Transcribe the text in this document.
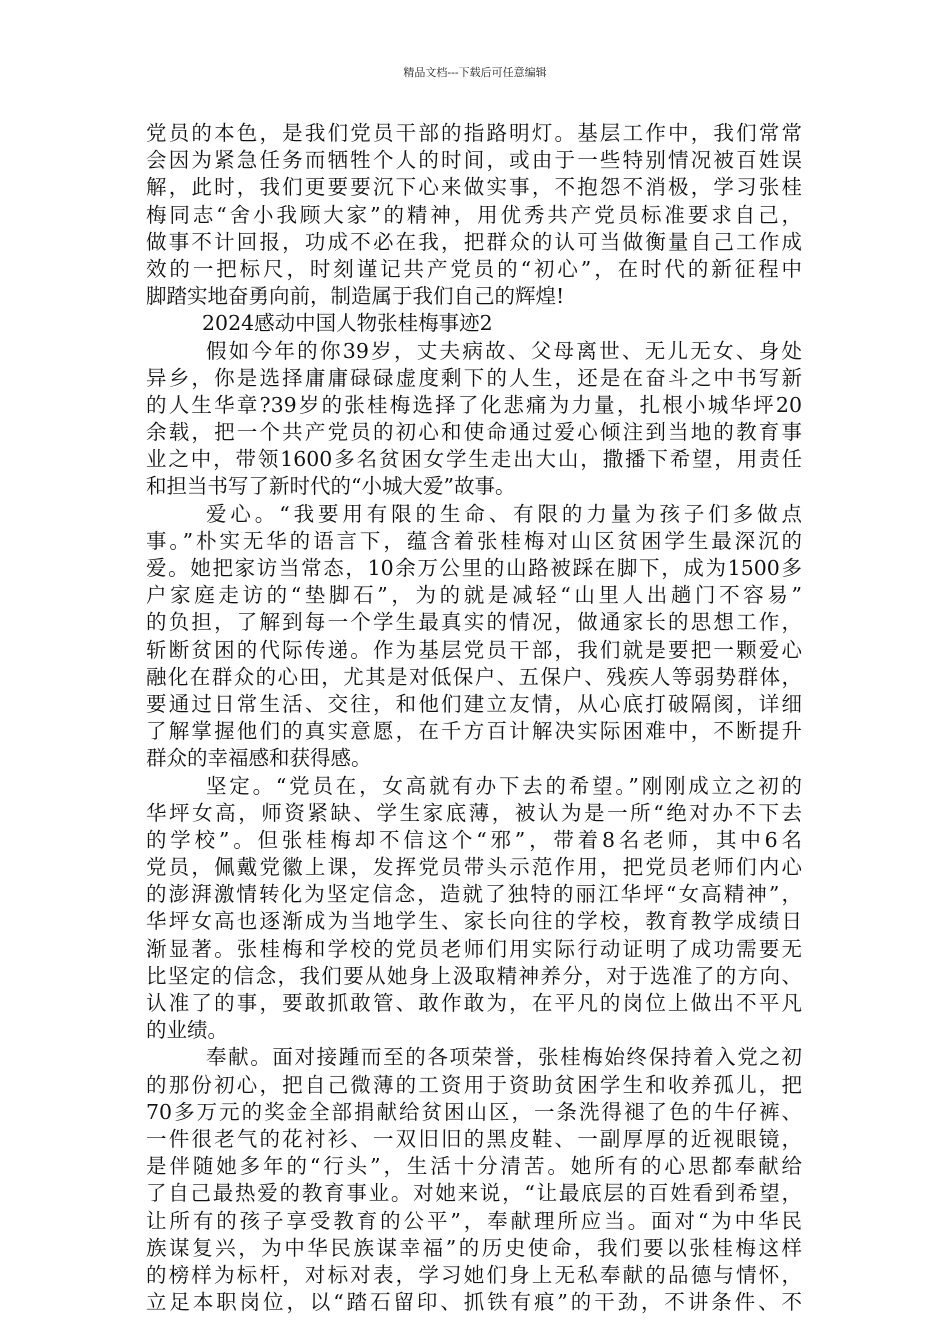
精品文档---下载后可任意编辑
党员的本色，是我们党员干部的指路明灯。基层工作中，我们常常
会因为紧急任务而牺牲个人的时间，或由于一些特别情况被百姓误
解，此时，我们更要要沉下心来做实事，不抱怨不消极，学习张桂
梅同志“舍小我顾大家”的精神，用优秀共产党员标准要求自己，
做事不计回报，功成不必在我，把群众的认可当做衡量自己工作成
效的一把标尺，时刻谨记共产党员的“初心”，在时代的新征程中
脚踏实地奋勇向前，制造属于我们自己的辉煌!
2024感动中国人物张桂梅事迹2
假如今年的你39岁，丈夫病故、父母离世、无儿无女、身处
异乡，你是选择庸庸碌碌虚度剩下的人生，还是在奋斗之中书写新
的人生华章?39岁的张桂梅选择了化悲痛为力量，扎根小城华坪20
余载，把一个共产党员的初心和使命通过爱心倾注到当地的教育事
业之中，带领1600多名贫困女学生走出大山，撒播下希望，用责任
和担当书写了新时代的“小城大爱”故事。
爱心。“我要用有限的生命、有限的力量为孩子们多做点
事。”朴实无华的语言下，蕴含着张桂梅对山区贫困学生最深沉的
爱。她把家访当常态，10余万公里的山路被踩在脚下，成为1500多
户家庭走访的“垫脚石”，为的就是减轻“山里人出趟门不容易”
的负担，了解到每一个学生最真实的情况，做通家长的思想工作，
斩断贫困的代际传递。作为基层党员干部，我们就是要把一颗爱心
融化在群众的心田，尤其是对低保户、五保户、残疾人等弱势群体，
要通过日常生活、交往，和他们建立友情，从心底打破隔阂，详细
了解掌握他们的真实意愿，在千方百计解决实际困难中，不断提升
群众的幸福感和获得感。
坚定。“党员在，女高就有办下去的希望。”刚刚成立之初的
华坪女高，师资紧缺、学生家底薄，被认为是一所“绝对办不下去
的学校”。但张桂梅却不信这个“邪”，带着8名老师，其中6名
党员，佩戴党徽上课，发挥党员带头示范作用，把党员老师们内心
的澎湃激情转化为坚定信念，造就了独特的丽江华坪“女高精神”，
华坪女高也逐渐成为当地学生、家长向往的学校，教育教学成绩日
渐显著。张桂梅和学校的党员老师们用实际行动证明了成功需要无
比坚定的信念，我们要从她身上汲取精神养分，对于选准了的方向、
认准了的事，要敢抓敢管、敢作敢为，在平凡的岗位上做出不平凡
的业绩。
奉献。面对接踵而至的各项荣誉，张桂梅始终保持着入党之初
的那份初心，把自己微薄的工资用于资助贫困学生和收养孤儿，把
70多万元的奖金全部捐献给贫困山区，一条洗得褪了色的牛仔裤、
一件很老气的花衬衫、一双旧旧的黑皮鞋、一副厚厚的近视眼镜，
是伴随她多年的“行头”，生活十分清苦。她所有的心思都奉献给
了自己最热爱的教育事业。对她来说，“让最底层的百姓看到希望，
让所有的孩子享受教育的公平”，奉献理所应当。面对“为中华民
族谋复兴，为中华民族谋幸福”的历史使命，我们要以张桂梅这样
的榜样为标杆，对标对表，学习她们身上无私奉献的品德与情怀，
立足本职岗位，以“踏石留印、抓铁有痕”的干劲，不讲条件、不
